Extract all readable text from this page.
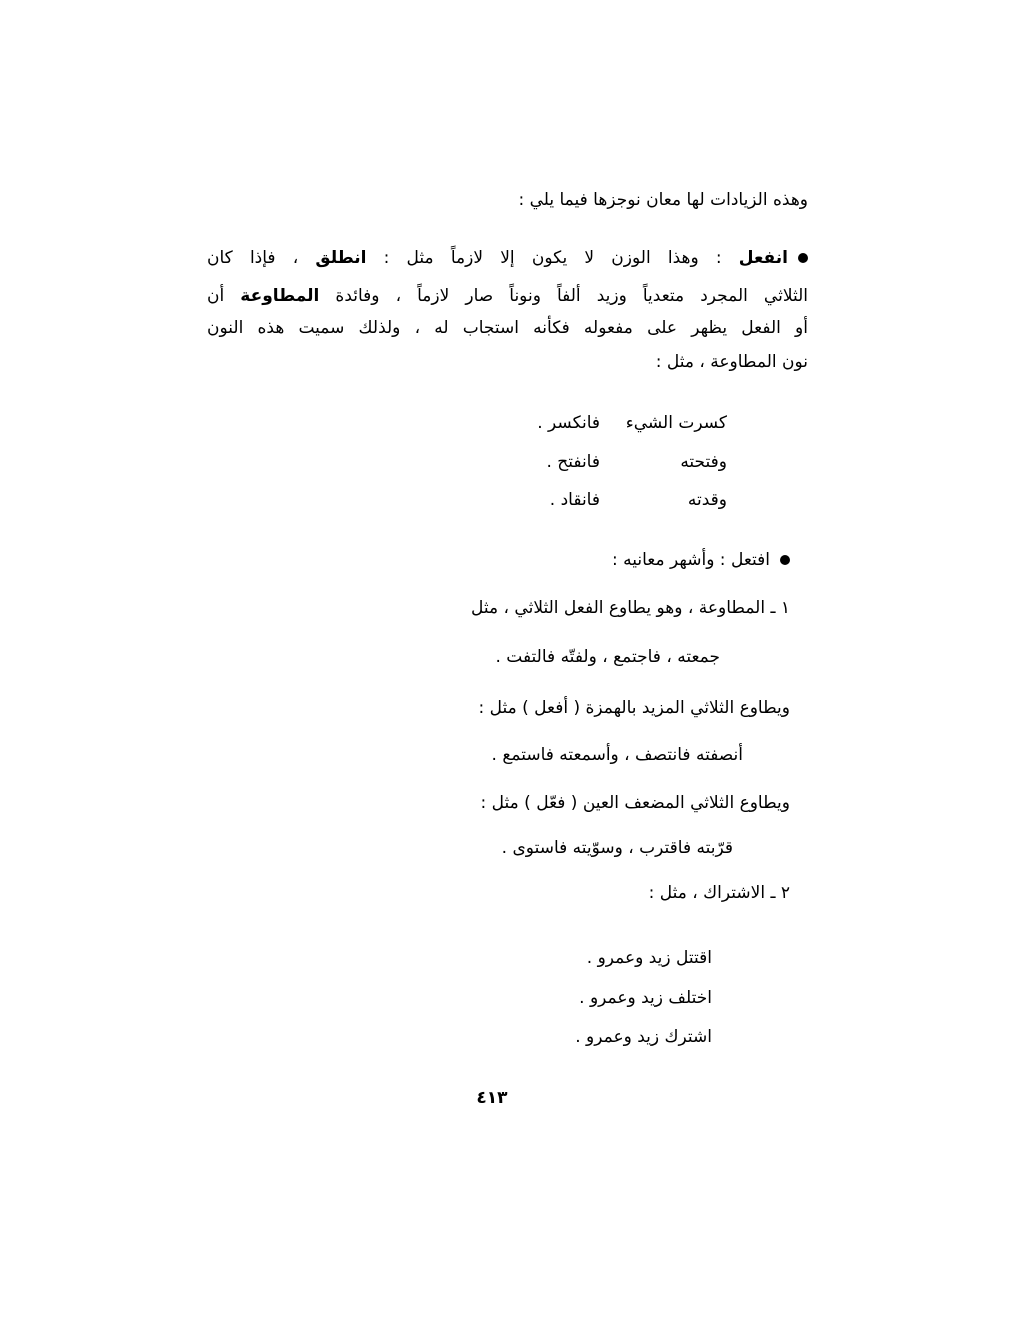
وهذه الزيادات لها معان نوجزها فيما يلي :
انفعل : وهذا الوزن لا يكون إلا لازماً مثل : انطلق ، فإذا كان
الثلاثي المجرد متعدياً وزيد ألفاً ونوناً صار لازماً ، وفائدة المطاوعة أن
أو الفعل يظهر على مفعوله فكأنه استجاب له ، ولذلك سميت هذه النون
نون المطاوعة ، مثل :
كسرت الشيء
فانكسر .
وفتحته
فانفتح .
وقدته
فانقاد .
افتعل : وأشهر معانيه :
١ ـ المطاوعة ، وهو يطاوع الفعل الثلاثي ، مثل
جمعته ، فاجتمع ، ولفتّه فالتفت .
ويطاوع الثلاثي المزيد بالهمزة ( أفعل ) مثل :
أنصفته فانتصف ، وأسمعته فاستمع .
ويطاوع الثلاثي المضعف العين ( فعّل ) مثل :
قرّبته فاقترب ، وسوّيته فاستوى .
٢ ـ الاشتراك ، مثل :
اقتتل زيد وعمرو .
اختلف زيد وعمرو .
اشترك زيد وعمرو .
٤١٣
